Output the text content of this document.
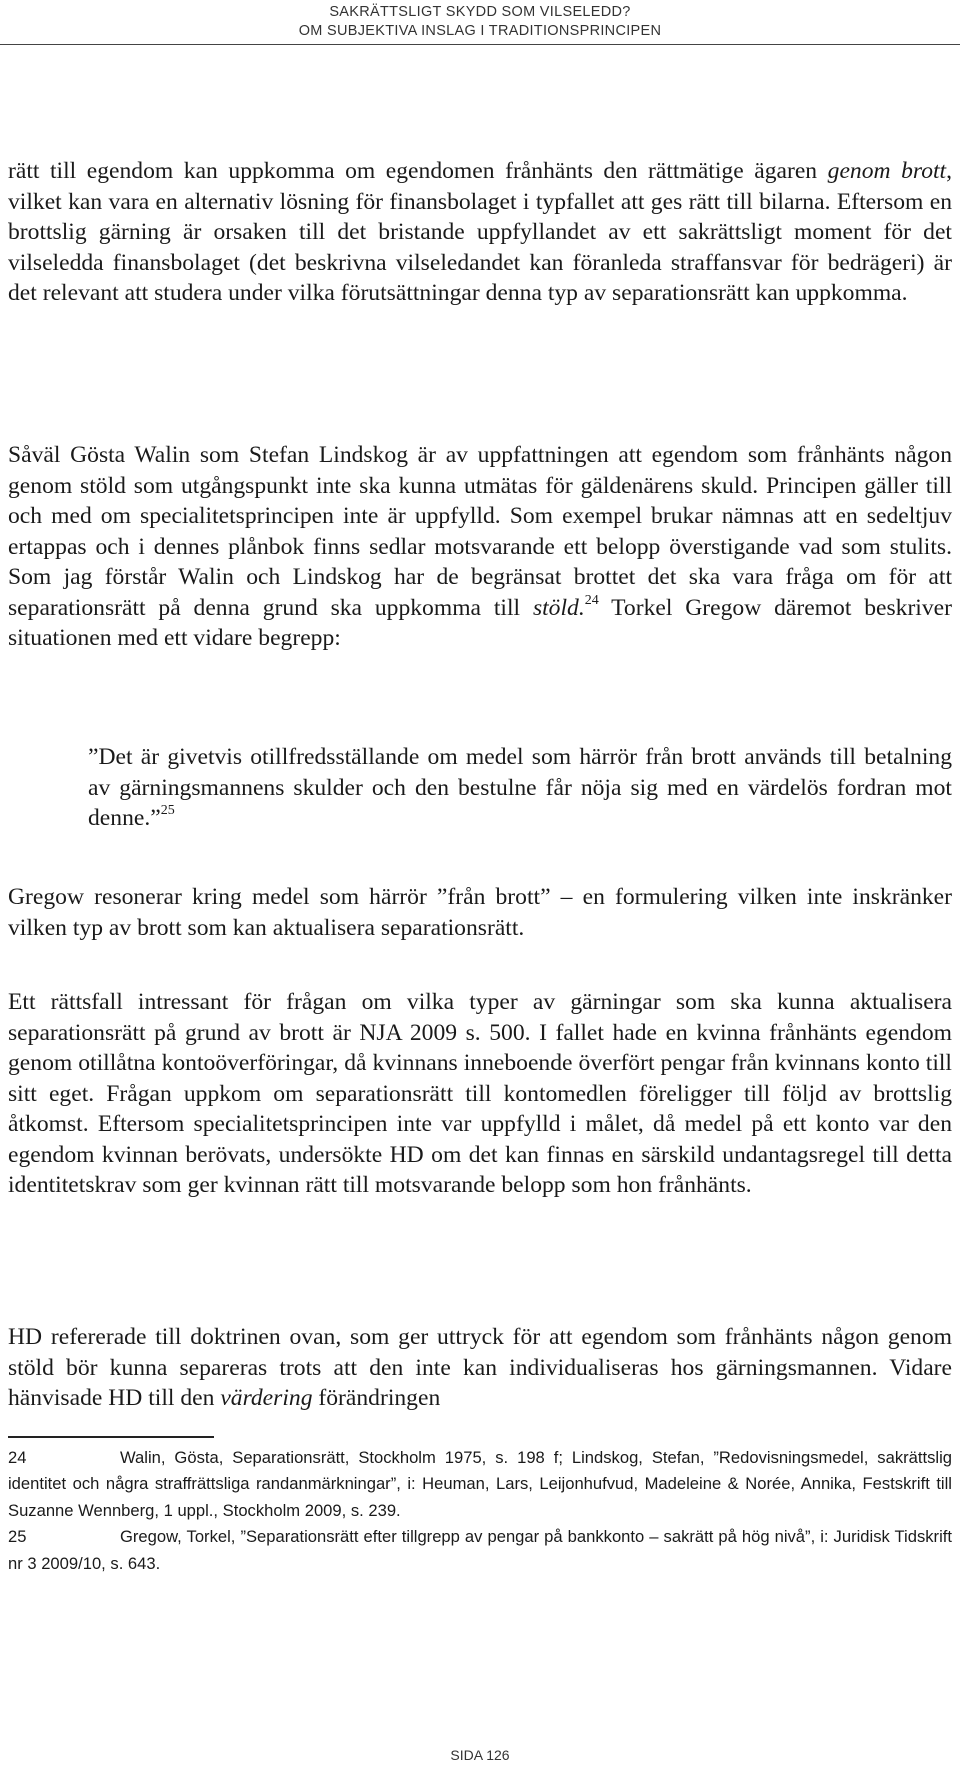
SAKRÄTTSLIGT SKYDD SOM VILSELEDD?
OM SUBJEKTIVA INSLAG I TRADITIONSPRINCIPEN

rätt till egendom kan uppkomma om egendomen frånhänts den rättmätige ägaren genom brott, vilket kan vara en alternativ lösning för finansbolaget i typfallet att ges rätt till bilarna. Eftersom en brottslig gärning är orsaken till det bristande uppfyllandet av ett sakrättsligt moment för det vilseledda finansbolaget (det beskrivna vilseledandet kan föranleda straffansvar för bedrägeri) är det relevant att studera under vilka förutsättningar denna typ av separationsrätt kan uppkomma.

Såväl Gösta Walin som Stefan Lindskog är av uppfattningen att egendom som frånhänts någon genom stöld som utgångspunkt inte ska kunna utmätas för gäldenärens skuld. Principen gäller till och med om specialitetsprincipen inte är uppfylld. Som exempel brukar nämnas att en sedeltjuv ertappas och i dennes plånbok finns sedlar motsvarande ett belopp överstigande vad som stulits. Som jag förstår Walin och Lindskog har de begränsat brottet det ska vara fråga om för att separationsrätt på denna grund ska uppkomma till stöld.$^{24}$ Torkel Gregow däremot beskriver situationen med ett vidare begrepp:

”Det är givetvis otillfredsställande om medel som härrör från brott används till betalning av gärningsmannens skulder och den bestulne får nöja sig med en värdelös fordran mot denne.”$^{25}$

Gregow resonerar kring medel som härrör ”från brott” – en formulering vilken inte inskränker vilken typ av brott som kan aktualisera separationsrätt.

Ett rättsfall intressant för frågan om vilka typer av gärningar som ska kunna aktualisera separationsrätt på grund av brott är NJA 2009 s. 500. I fallet hade en kvinna frånhänts egendom genom otillåtna kontoöverföringar, då kvinnans inneboende överfört pengar från kvinnans konto till sitt eget. Frågan uppkom om separationsrätt till kontomedlen föreligger till följd av brottslig åtkomst. Eftersom specialitetsprincipen inte var uppfylld i målet, då medel på ett konto var den egendom kvinnan berövats, undersökte HD om det kan finnas en särskild undantagsregel till detta identitetskrav som ger kvinnan rätt till motsvarande belopp som hon frånhänts.

HD refererade till doktrinen ovan, som ger uttryck för att egendom som frånhänts någon genom stöld bör kunna separeras trots att den inte kan individualiseras hos gärningsmannen. Vidare hänvisade HD till den värdering förändringen

24	Walin, Gösta, Separationsrätt, Stockholm 1975, s. 198 f; Lindskog, Stefan, ”Redovisningsmedel, sakrättslig identitet och några straffrättsliga randanmärkningar”, i: Heuman, Lars, Leijonhufvud, Madeleine & Norée, Annika, Festskrift till Suzanne Wennberg, 1 uppl., Stockholm 2009, s. 239.

25	Gregow, Torkel, ”Separationsrätt efter tillgrepp av pengar på bankkonto – sakrätt på hög nivå”, i: Juridisk Tidskrift nr 3 2009/10, s. 643.

SIDA 126
